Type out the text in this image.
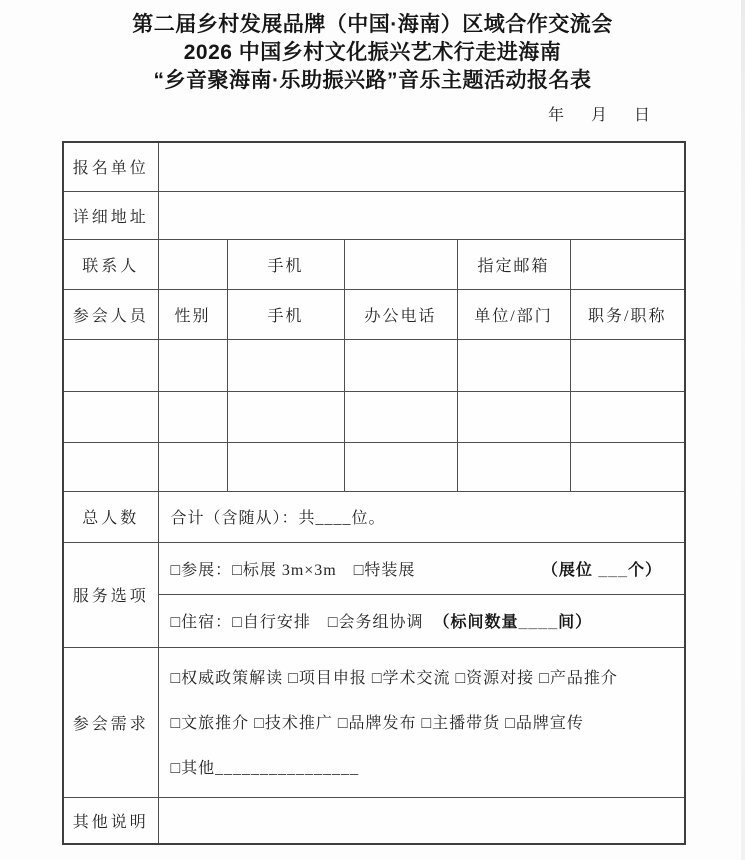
第二届乡村发展品牌（中国·海南）区域合作交流会
2026 中国乡村文化振兴艺术行走进海南
“乡音聚海南·乐助振兴路”音乐主题活动报名表
年 月 日
报名单位					
详细地址					
联系人		手机		指定邮箱	
参会人员	性别	手机	办公电话	单位/部门	职务/职称

总人数	合计（含随从）：共____位。				
服务选项	□参展：□标展 3m×3m　□特装展 （展位 ___个）				

	□住宿：□自行安排　□会务组协调 （标间数量____间）				

参会需求	□权威政策解读 □项目申报 □学术交流 □资源对接 □产品推介
□文旅推介 □技术推广 □品牌发布 □主播带货 □品牌宣传
□其他________________				

其他说明					
